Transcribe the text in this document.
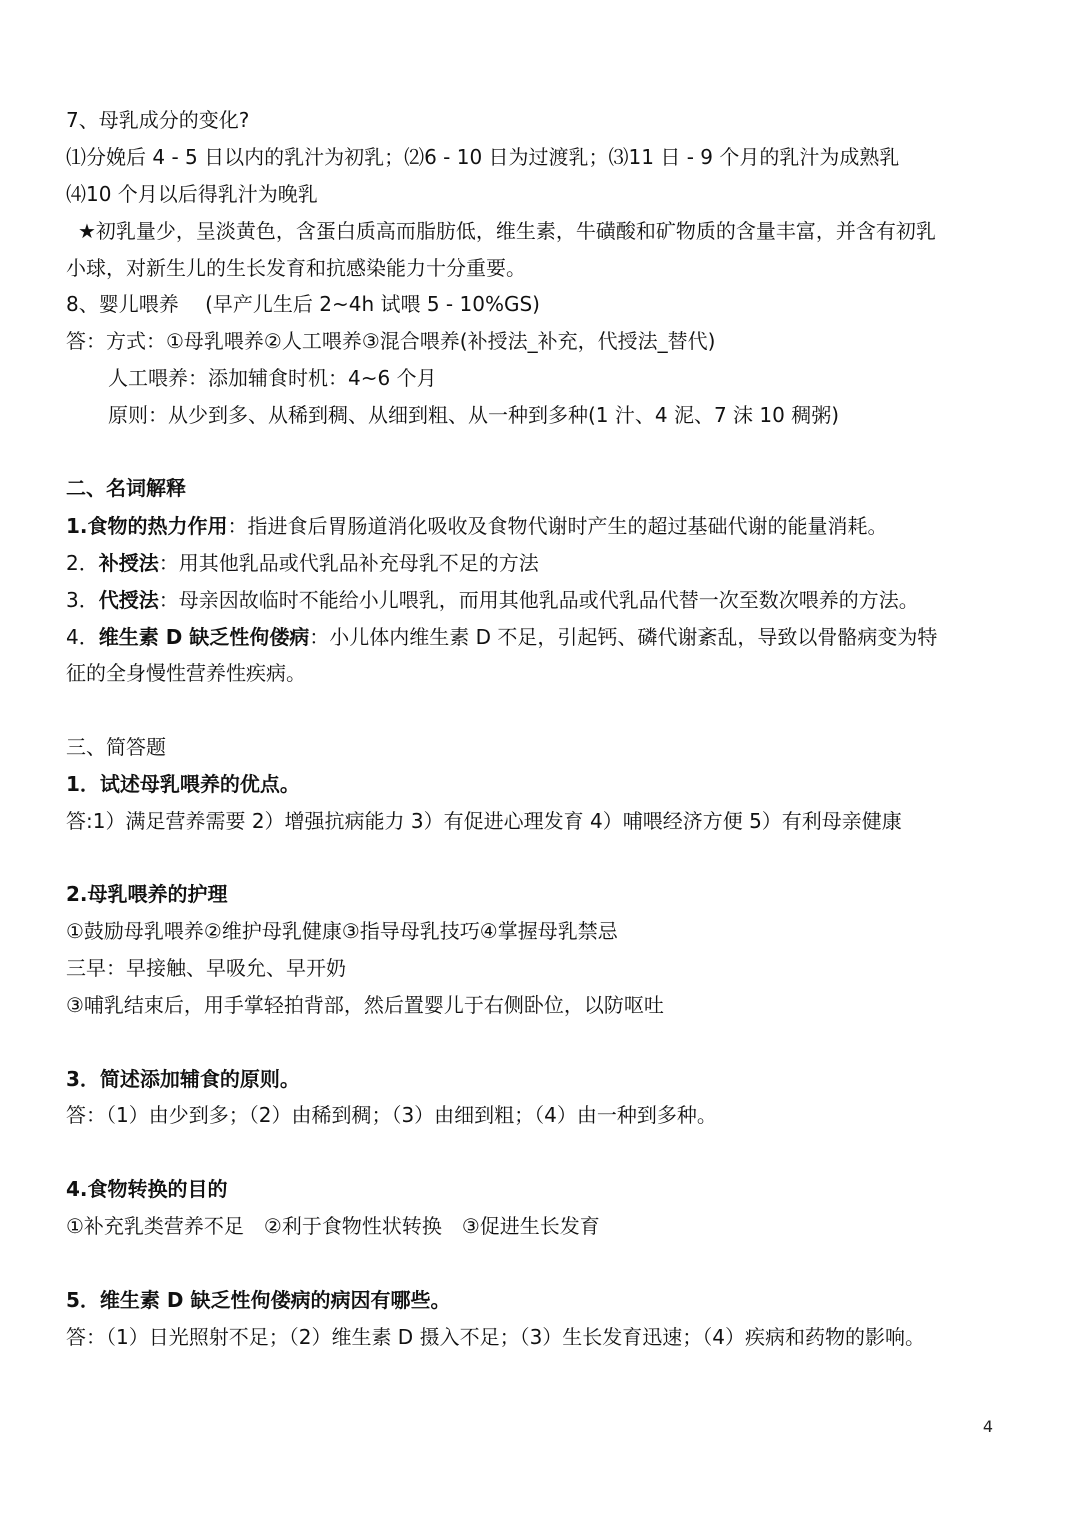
7、母乳成分的变化?
⑴分娩后 4 - 5 日以内的乳汁为初乳；⑵6 - 10 日为过渡乳；⑶11 日 - 9 个月的乳汁为成熟乳
⑷10 个月以后得乳汁为晚乳
★初乳量少，呈淡黄色，含蛋白质高而脂肪低，维生素，牛磺酸和矿物质的含量丰富，并含有初乳
小球，对新生儿的生长发育和抗感染能力十分重要。
8、婴儿喂养　 (早产儿生后 2~4h 试喂 5 - 10%GS)
答：方式：①母乳喂养②人工喂养③混合喂养(补授法_补充，代授法_替代)
人工喂养：添加辅食时机：4~6 个月
原则：从少到多、从稀到稠、从细到粗、从一种到多种(1 汁、4 泥、7 沫 10 稠粥)
二、名词解释
1.食物的热力作用：指进食后胃肠道消化吸收及食物代谢时产生的超过基础代谢的能量消耗。
2．补授法：用其他乳品或代乳品补充母乳不足的方法
3．代授法：母亲因故临时不能给小儿喂乳，而用其他乳品或代乳品代替一次至数次喂养的方法。
4．维生素 D 缺乏性佝偻病：小儿体内维生素 D 不足，引起钙、磷代谢紊乱，导致以骨骼病变为特
征的全身慢性营养性疾病。
三、简答题
1．试述母乳喂养的优点。
答:1）满足营养需要 2）增强抗病能力 3）有促进心理发育 4）哺喂经济方便 5）有利母亲健康
2.母乳喂养的护理
①鼓励母乳喂养②维护母乳健康③指导母乳技巧④掌握母乳禁忌
三早：早接触、早吸允、早开奶
③哺乳结束后，用手掌轻拍背部，然后置婴儿于右侧卧位，以防呕吐
3．简述添加辅食的原则。
答：（1）由少到多；（2）由稀到稠；（3）由细到粗；（4）由一种到多种。
4.食物转换的目的
①补充乳类营养不足　②利于食物性状转换　③促进生长发育
5．维生素 D 缺乏性佝偻病的病因有哪些。
答：（1）日光照射不足；（2）维生素 D 摄入不足；（3）生长发育迅速；（4）疾病和药物的影响。
4
